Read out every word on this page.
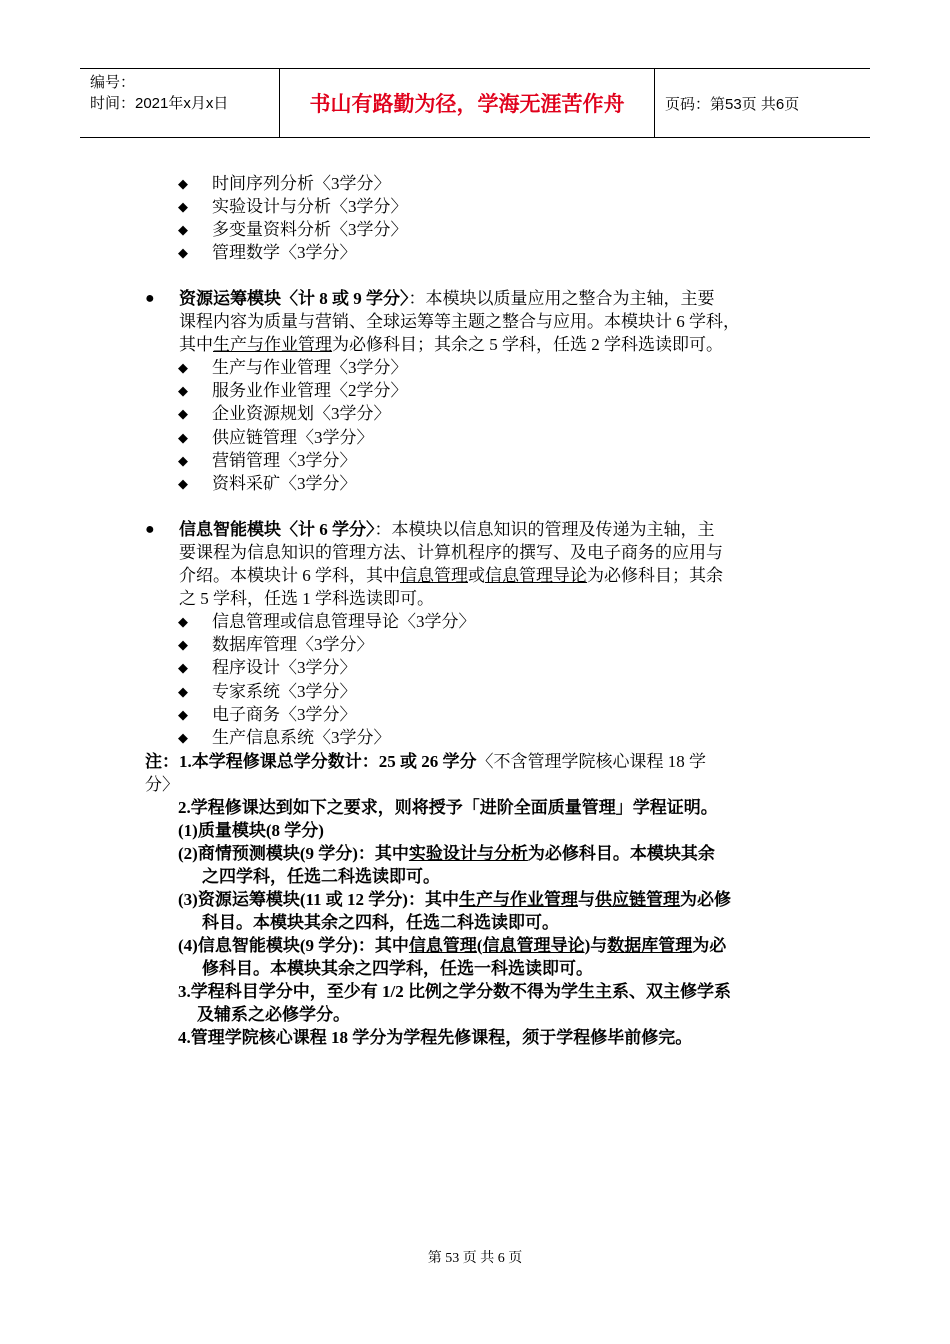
编号：
时间：2021年x月x日	书山有路勤为径，学海无涯苦作舟	页码：第53页 共6页
◆ 时间序列分析〈3学分〉
◆ 实验设计与分析〈3学分〉
◆ 多变量资料分析〈3学分〉
◆ 管理数学〈3学分〉
● 资源运筹模块〈计 8 或 9 学分〉：本模块以质量应用之整合为主轴，主要
课程内容为质量与营销、全球运筹等主题之整合与应用。本模块计 6 学科，
其中生产与作业管理为必修科目；其余之 5 学科，任选 2 学科选读即可。
◆ 生产与作业管理〈3学分〉
◆ 服务业作业管理〈2学分〉
◆ 企业资源规划〈3学分〉
◆ 供应链管理〈3学分〉
◆ 营销管理〈3学分〉
◆ 资料采矿〈3学分〉
● 信息智能模块〈计 6 学分〉：本模块以信息知识的管理及传递为主轴，主
要课程为信息知识的管理方法、计算机程序的撰写、及电子商务的应用与
介绍。本模块计 6 学科，其中信息管理或信息管理导论为必修科目；其余
之 5 学科，任选 1 学科选读即可。
◆ 信息管理或信息管理导论〈3学分〉
◆ 数据库管理〈3学分〉
◆ 程序设计〈3学分〉
◆ 专家系统〈3学分〉
◆ 电子商务〈3学分〉
◆ 生产信息系统〈3学分〉
注：1.本学程修课总学分数计：25 或 26 学分〈不含管理学院核心课程 18 学
分〉
2.学程修课达到如下之要求，则将授予「进阶全面质量管理」学程证明。
(1)质量模块(8 学分)
(2)商情预测模块(9 学分)：其中实验设计与分析为必修科目。本模块其余
之四学科，任选二科选读即可。
(3)资源运筹模块(11 或 12 学分)：其中生产与作业管理与供应链管理为必修
科目。本模块其余之四科，任选二科选读即可。
(4)信息智能模块(9 学分)：其中信息管理(信息管理导论)与数据库管理为必
修科目。本模块其余之四学科，任选一科选读即可。
3.学程科目学分中，至少有 1/2 比例之学分数不得为学生主系、双主修学系
及辅系之必修学分。
4.管理学院核心课程 18 学分为学程先修课程，须于学程修毕前修完。
第 53 页 共 6 页
